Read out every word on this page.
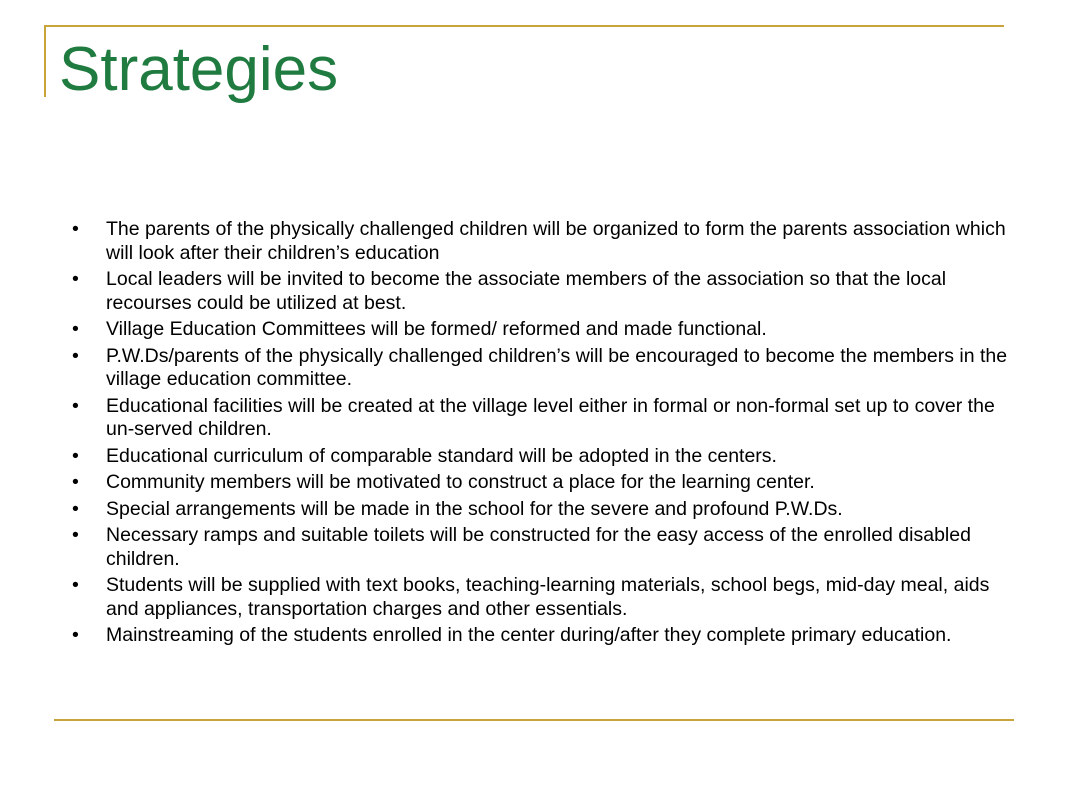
Strategies
•	The parents of the physically challenged children will be organized to form the parents association which will look after their children’s education
•	Local leaders will be invited to become the associate members of the association so that the local recourses could be utilized at best.
•	Village Education Committees will be formed/ reformed and made functional.
•	P.W.Ds/parents of the physically challenged children’s will be encouraged to become the members in the village education committee.
•	Educational facilities will be created at the village level either in formal or non-formal set up to cover the un-served children.
•	Educational curriculum of comparable standard will be adopted in the centers.
•	Community members will be motivated to construct a place for the learning center.
•	Special arrangements will be made in the school for the severe and profound P.W.Ds.
•	Necessary ramps and suitable toilets will be constructed for the easy access of the enrolled disabled children.
•	Students will be supplied with text books, teaching-learning materials, school begs, mid-day meal, aids and appliances, transportation charges and other essentials.
•	Mainstreaming of the students enrolled in the center during/after they complete primary education.
